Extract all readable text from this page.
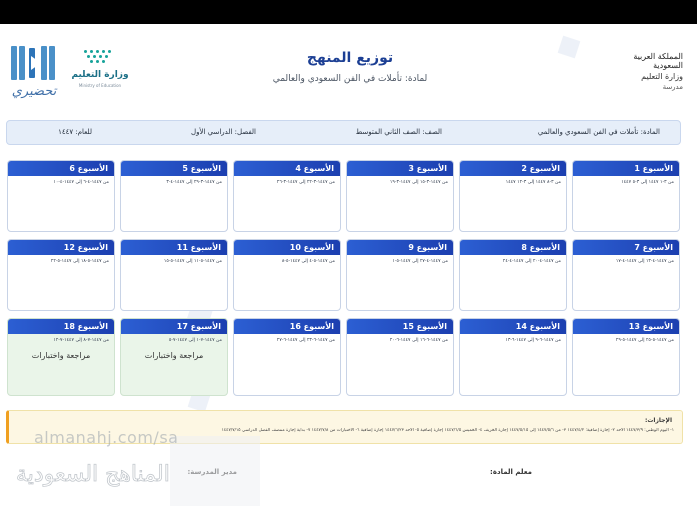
تحضيري
وزارة التعليم
Ministry of Education
توزيع المنهج
لمادة: تأملات في الفن السعودي والعالمي
المملكة العربية السعودية
وزارة التعليم
مدرسة
المادة: تأملات في الفن السعودي والعالمي
الصف: الصف الثاني المتوسط
الفصل: الدراسي الأول
للعام: ١٤٤٧
الأسبوع 1
من ٣-١ ١٤٤٧ إلى ٣-٥ ١٤٤٧
الأسبوع 2
من ٣-٨ ١٤٤٧ إلى ٣-١٢ ١٤٤٧
الأسبوع 3
من ١٤٤٧-٣-١٥ إلى ١٤٤٧-٣-١٩
الأسبوع 4
من ١٤٤٧-٣-٢٢ إلى ١٤٤٧-٣-٢٦
الأسبوع 5
من ١٤٤٧-٣-٢٩ إلى ١٤٤٧-٤-٣
الأسبوع 6
من ١٤٤٧-٤-٦ إلى ١٤٤٧-٤-١٠
الأسبوع 7
من ١٤٤٧-٤-١٣ إلى ١٤٤٧-٤-١٧
الأسبوع 8
من ١٤٤٧-٤-٢٠ إلى ١٤٤٧-٤-٢٤
الأسبوع 9
من ١٤٤٧-٤-٢٧ إلى ١٤٤٧-٥-١
الأسبوع 10
من ١٤٤٧-٥-٤ إلى ١٤٤٧-٥-٨
الأسبوع 11
من ١٤٤٧-٥-١١ إلى ١٤٤٧-٥-١٥
الأسبوع 12
من ١٤٤٧-٥-١٨ إلى ١٤٤٧-٥-٢٢
الأسبوع 13
من ١٤٤٧-٥-٢٥ إلى ١٤٤٧-٥-٢٩
الأسبوع 14
من ١٤٤٧-٦-٩ إلى ١٤٤٧-٦-١٣
الأسبوع 15
من ١٤٤٧-٦-١٦ إلى ١٤٤٧-٦-٢٠
الأسبوع 16
من ١٤٤٧-٦-٢٣ إلى ١٤٤٧-٦-٢٧
الأسبوع 17
من ١٤٤٧-٧-١ إلى ١٤٤٧-٧-٥
مراجعة واختبارات
الأسبوع 18
من ١٤٤٧-٧-٨ إلى ١٤٤٧-٧-١٢
مراجعة واختبارات
الإجازات:
١- اليوم الوطني: ١٤٤٧/٣/٩ الأحد ٢- إجازة إضافية: ١٤٤٧/٤/٢ ٣- من ١٤٤٧/٥/٦ إلى ١٤٤٧/٥/١٥ إجازة الخريف ٤- الخميس ١٤٤٧/٦/٥ إجازة إضافية ٥- الأحد ١٤٤٧/٦/٢٣ إجازة إضافية ٦- الاختبارات من ١٤٤٧/٧/٨ ٧- بداية إجازة منتصف الفصل الدراسي ١٤٤٧/٧/١٥
معلم المادة:
almanahj.com/sa
المناهج السعودية
